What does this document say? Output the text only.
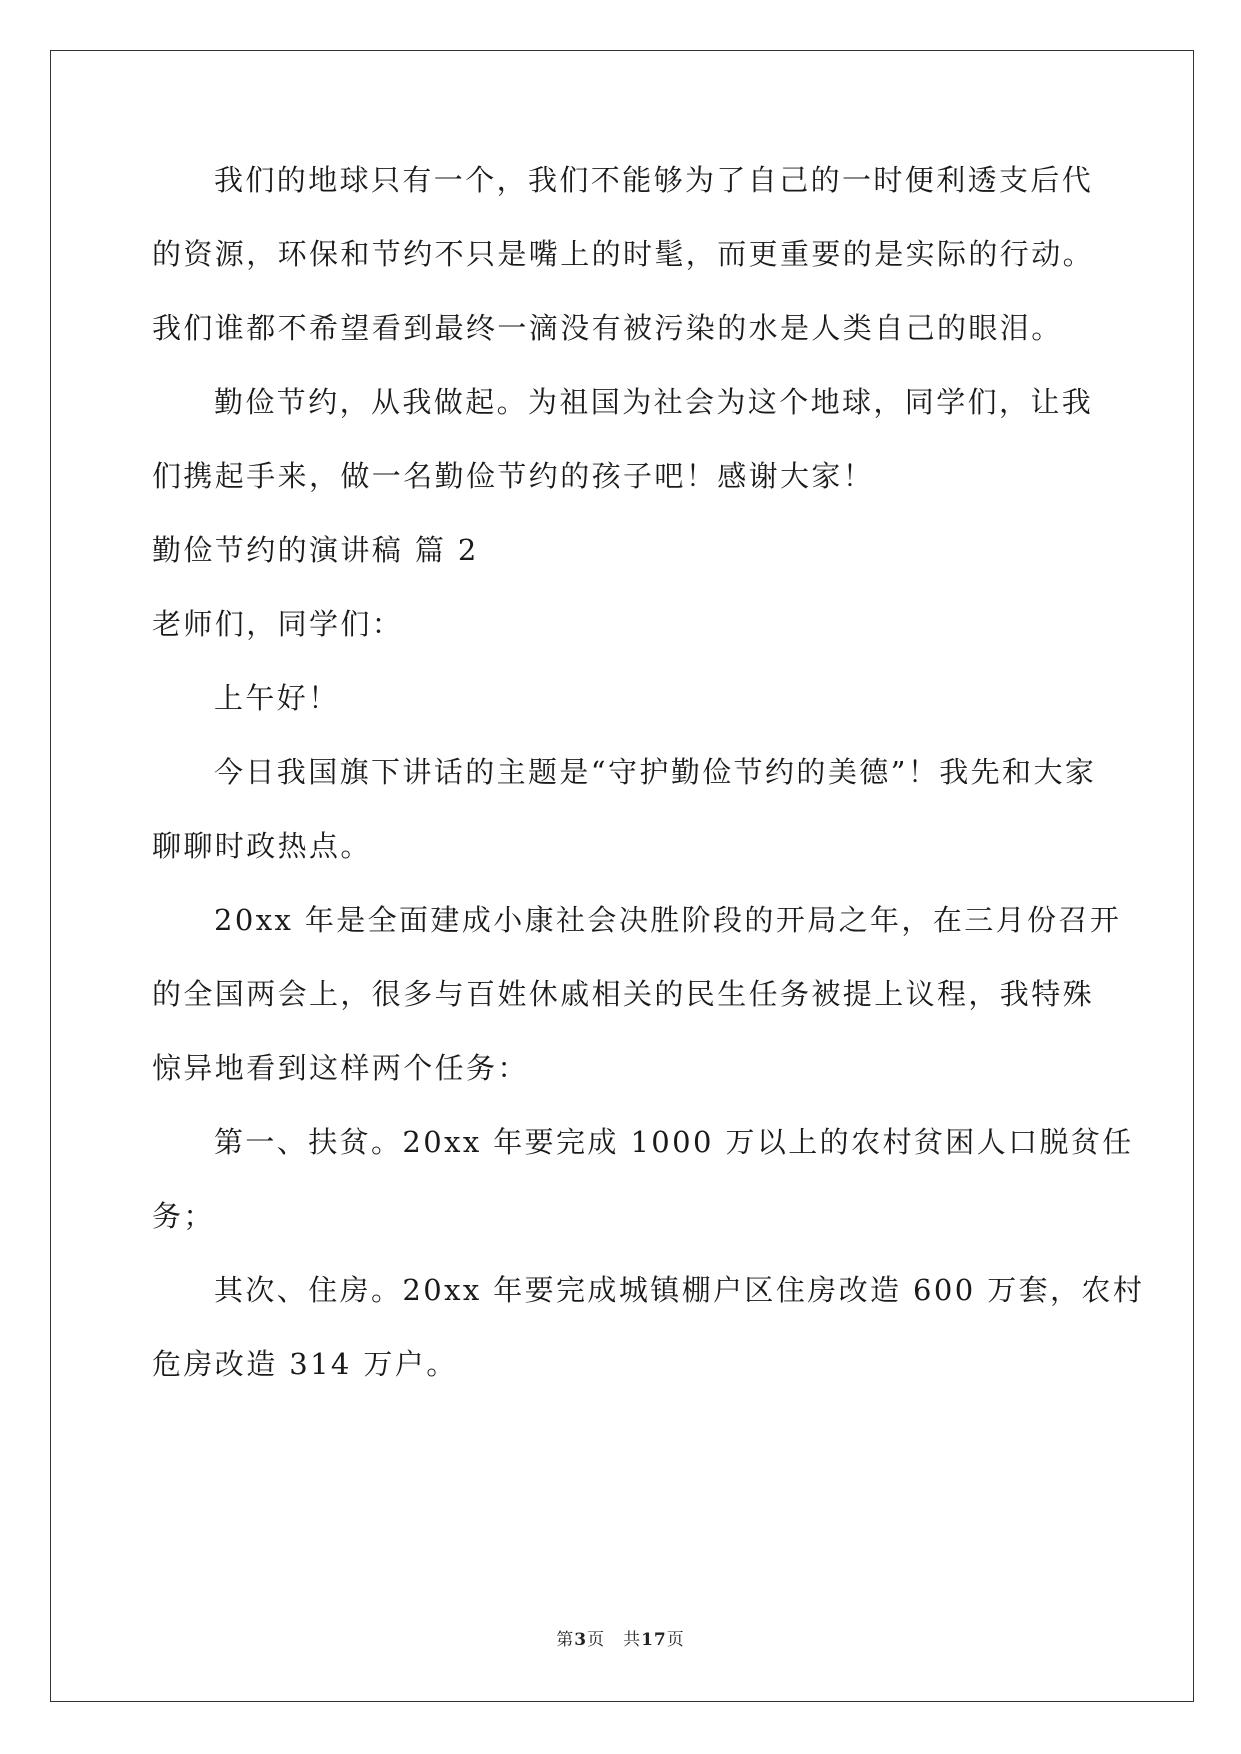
我们的地球只有一个，我们不能够为了自己的一时便利透支后代
的资源，环保和节约不只是嘴上的时髦，而更重要的是实际的行动。
我们谁都不希望看到最终一滴没有被污染的水是人类自己的眼泪。
勤俭节约，从我做起。为祖国为社会为这个地球，同学们，让我
们携起手来，做一名勤俭节约的孩子吧！感谢大家！
勤俭节约的演讲稿 篇 2
老师们，同学们：
上午好！
今日我国旗下讲话的主题是“守护勤俭节约的美德”！我先和大家
聊聊时政热点。
20xx 年是全面建成小康社会决胜阶段的开局之年，在三月份召开
的全国两会上，很多与百姓休戚相关的民生任务被提上议程，我特殊
惊异地看到这样两个任务：
第一、扶贫。20xx 年要完成 1000 万以上的农村贫困人口脱贫任
务；
其次、住房。20xx 年要完成城镇棚户区住房改造 600 万套，农村
危房改造 314 万户。
第3页 共17页
